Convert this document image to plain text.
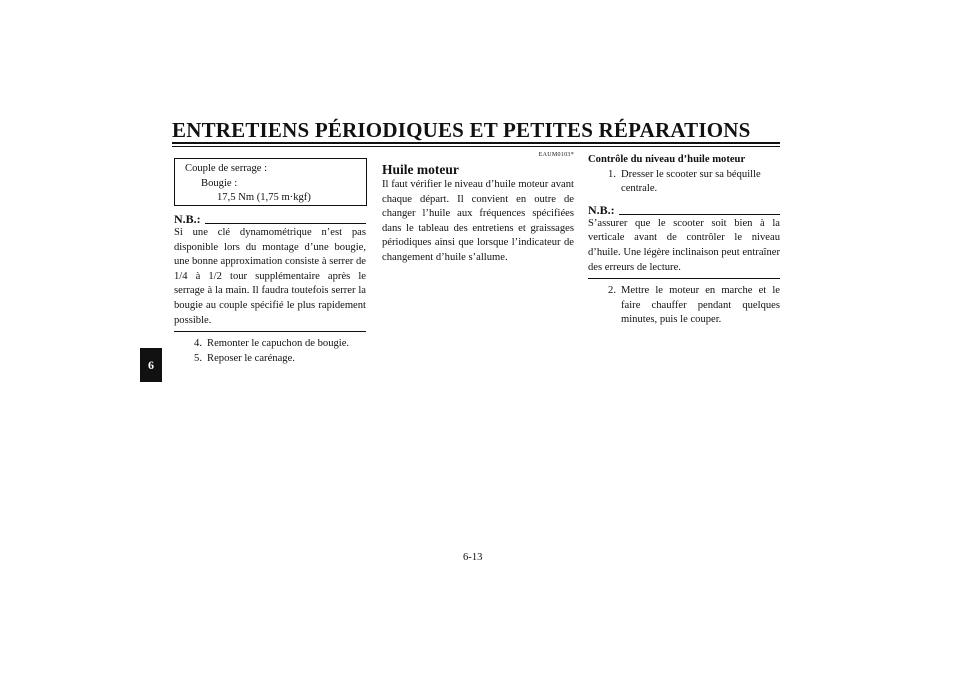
ENTRETIENS PÉRIODIQUES ET PETITES RÉPARATIONS
6
Couple de serrage :
Bougie :
17,5 Nm (1,75 m·kgf)
N.B.:
Si une clé dynamométrique n’est pas disponible lors du montage d’une bougie, une bonne approximation consiste à serrer de 1/4 à 1/2 tour supplémentaire après le serrage à la main. Il faudra toutefois serrer la bougie au couple spécifié le plus rapidement possible.
4. Remonter le capuchon de bougie.
5. Reposer le carénage.
EAUM0103*
Huile moteur
Il faut vérifier le niveau d’huile moteur avant chaque départ. Il convient en outre de changer l’huile aux fréquences spécifiées dans le tableau des entretiens et graissages périodiques ainsi que lorsque l’indicateur de changement d’huile s’allume.
Contrôle du niveau d’huile moteur
1. Dresser le scooter sur sa béquille centrale.
N.B.:
S’assurer que le scooter soit bien à la verticale avant de contrôler le niveau d’huile. Une légère inclinaison peut entraîner des erreurs de lecture.
2. Mettre le moteur en marche et le faire chauffer pendant quelques minutes, puis le couper.
6-13
